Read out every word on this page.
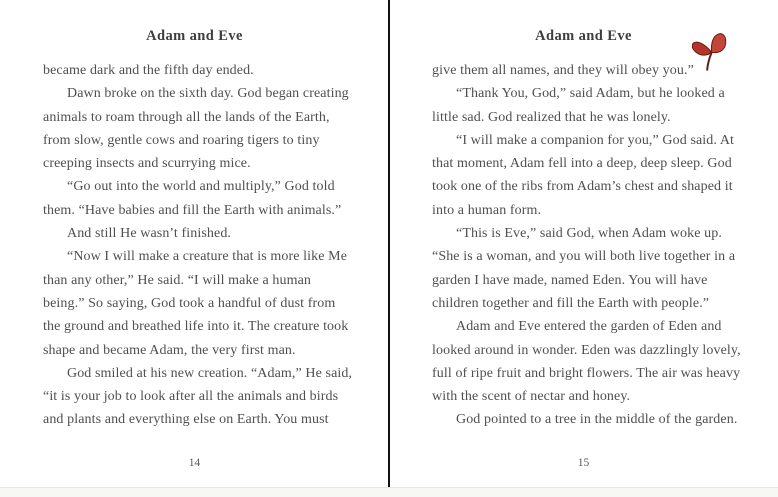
Adam and Eve
became dark and the fifth day ended.
Dawn broke on the sixth day. God began creating
animals to roam through all the lands of the Earth,
from slow, gentle cows and roaring tigers to tiny
creeping insects and scurrying mice.
“Go out into the world and multiply,” God told
them. “Have babies and fill the Earth with animals.”
And still He wasn’t finished.
“Now I will make a creature that is more like Me
than any other,” He said. “I will make a human
being.” So saying, God took a handful of dust from
the ground and breathed life into it. The creature took
shape and became Adam, the very first man.
God smiled at his new creation. “Adam,” He said,
“it is your job to look after all the animals and birds
and plants and everything else on Earth. You must
14
Adam and Eve
give them all names, and they will obey you.”
“Thank You, God,” said Adam, but he looked a
little sad. God realized that he was lonely.
“I will make a companion for you,” God said. At
that moment, Adam fell into a deep, deep sleep. God
took one of the ribs from Adam’s chest and shaped it
into a human form.
“This is Eve,” said God, when Adam woke up.
“She is a woman, and you will both live together in a
garden I have made, named Eden. You will have
children together and fill the Earth with people.”
Adam and Eve entered the garden of Eden and
looked around in wonder. Eden was dazzlingly lovely,
full of ripe fruit and bright flowers. The air was heavy
with the scent of nectar and honey.
God pointed to a tree in the middle of the garden.
15
